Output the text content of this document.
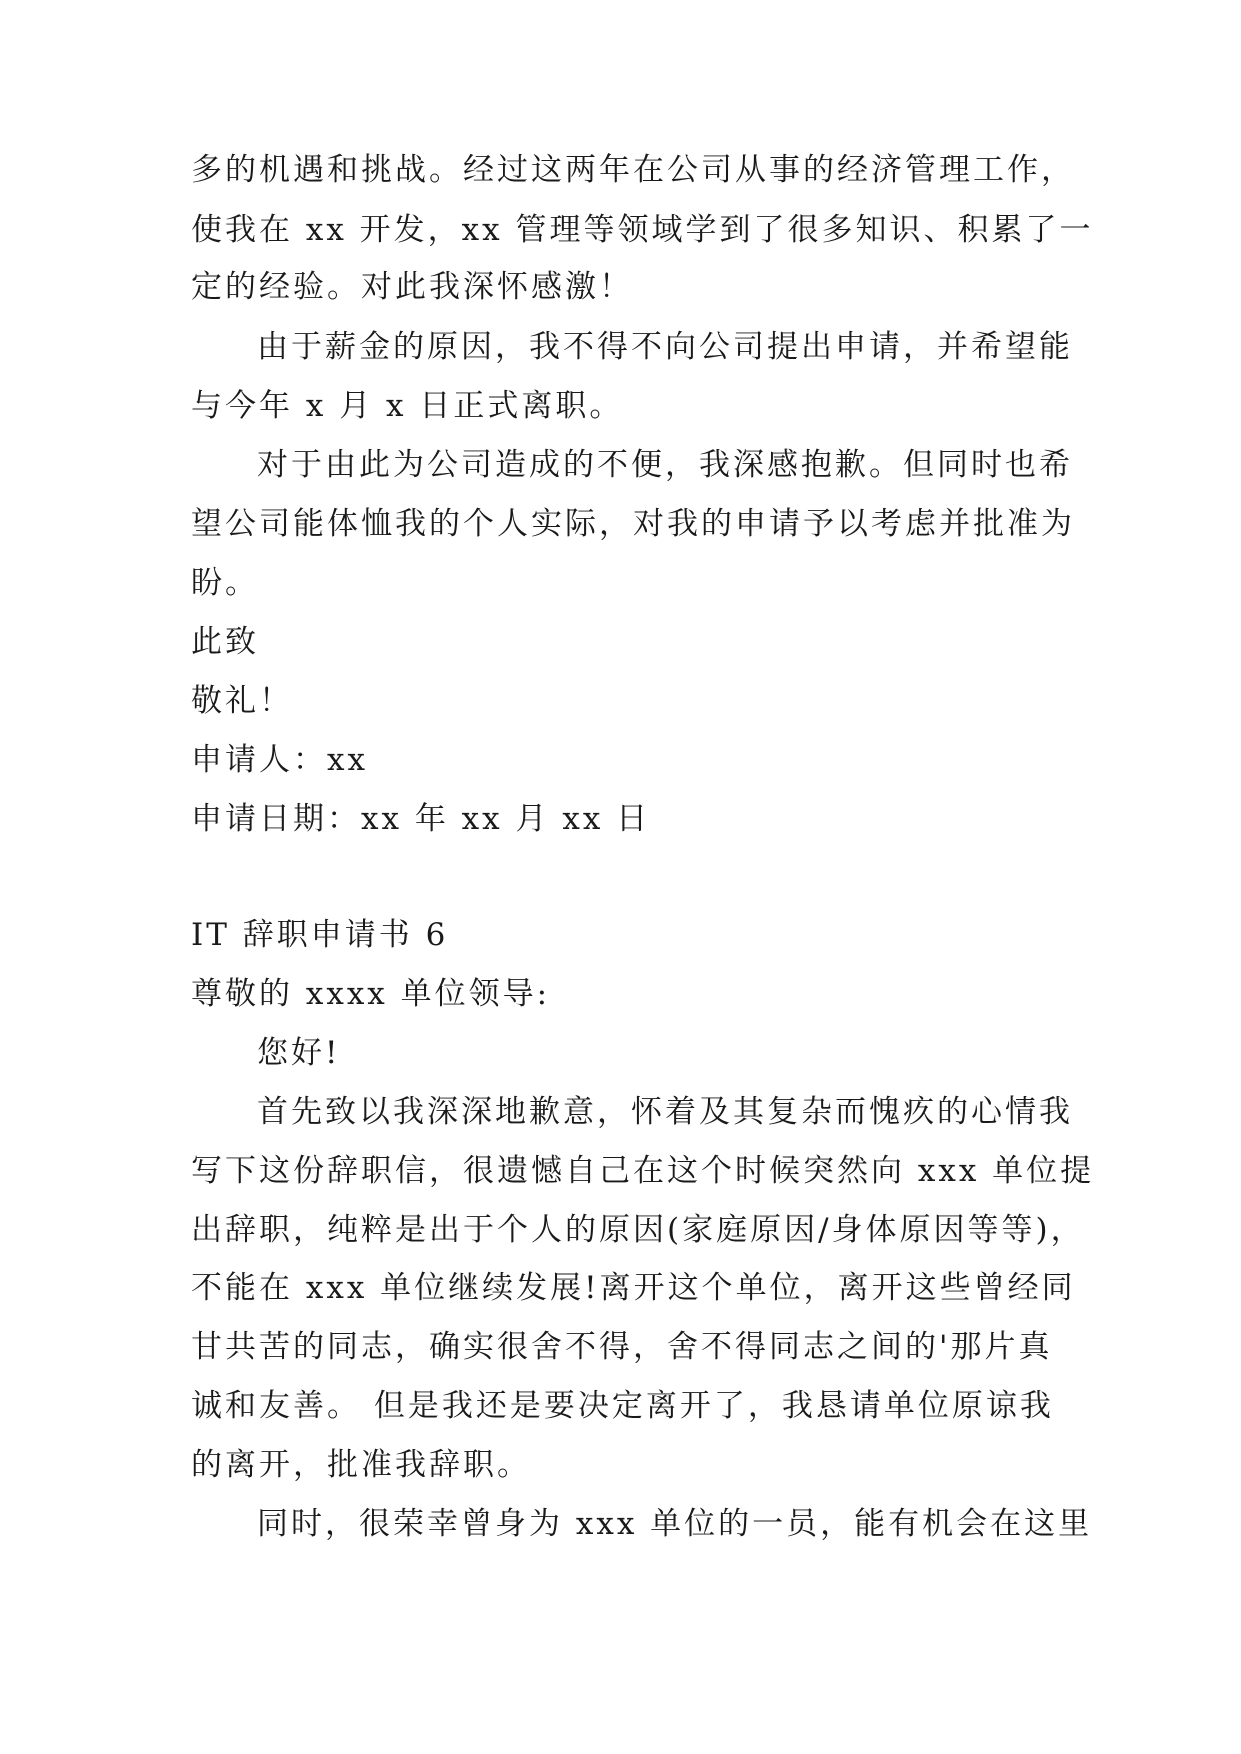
多的机遇和挑战。经过这两年在公司从事的经济管理工作，
使我在 xx 开发，xx 管理等领域学到了很多知识、积累了一
定的经验。对此我深怀感激！
由于薪金的原因，我不得不向公司提出申请，并希望能
与今年 x 月 x 日正式离职。
对于由此为公司造成的不便，我深感抱歉。但同时也希
望公司能体恤我的个人实际，对我的申请予以考虑并批准为
盼。
此致
敬礼！
申请人：xx
申请日期：xx 年 xx 月 xx 日
IT 辞职申请书 6
尊敬的 xxxx 单位领导:
您好!
首先致以我深深地歉意，怀着及其复杂而愧疚的心情我
写下这份辞职信，很遗憾自己在这个时候突然向 xxx 单位提
出辞职，纯粹是出于个人的原因(家庭原因/身体原因等等)，
不能在 xxx 单位继续发展!离开这个单位，离开这些曾经同
甘共苦的同志，确实很舍不得，舍不得同志之间的'那片真
诚和友善。 但是我还是要决定离开了，我恳请单位原谅我
的离开，批准我辞职。
同时，很荣幸曾身为 xxx 单位的一员，能有机会在这里
